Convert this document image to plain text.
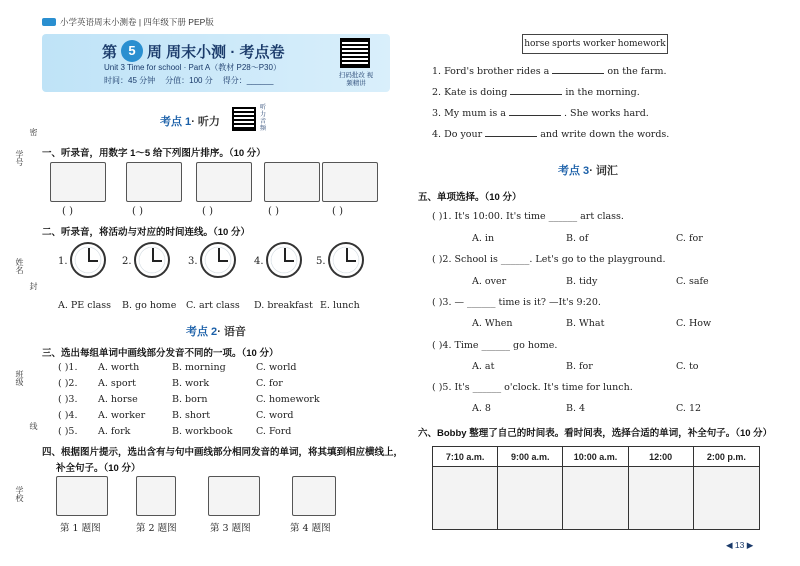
小学英语周末小测卷 | 四年级下册 PEP版
第 5 周 周末小测 · 考点卷
Unit 3 Time for school · Part A（教材 P28～P30）
时间：45 分钟 分值：100 分 得分：______
扫码批改 视频精讲
学号
姓名
班级
学校
密
封
线
考点 1· 听力
听力音频
一、听录音，用数字 1～5 给下列图片排序。（10 分）
( )	( )	( )	( )	( )
二、听录音，将活动与对应的时间连线。（10 分）
1.	2.	3.	4.	5.
A. PE class B. go home C. art class D. breakfast E. lunch
考点 2· 语音
三、选出每组单词中画线部分发音不同的一项。（10 分）
( )1. A. worth	B. morning	C. world
( )2. A. sport	B. work	C. for
( )3. A. horse	B. born	C. homework
( )4. A. worker	B. short	C. word
( )5. A. fork	B. workbook C. Ford
四、根据图片提示，选出含有与句中画线部分相同发音的单词，将其填到相应横线上，
补全句子。（10 分）
第 1 题图	第 2 题图	第 3 题图	第 4 题图
horse sports worker homework
1. Ford's brother rides a	on the farm.
2. Kate is doing	in the morning.
3. My mum is a	. She works hard.
4. Do your	and write down the words.
考点 3· 词汇
五、单项选择。（10 分）
( )1. It's 10:00. It's time ______ art class.
A. in	B. of	C. for
( )2. School is ______. Let's go to the playground.
A. over	B. tidy	C. safe
( )3. — ______ time is it? —It's 9:20.
A. When	B. What	C. How
( )4. Time ______ go home.
A. at	B. for	C. to
( )5. It's ______ o'clock. It's time for lunch.
A. 8	B. 4	C. 12
六、Bobby 整理了自己的时间表。看时间表，选择合适的单词，补全句子。（10 分）
7:10 a.m.	9:00 a.m.	10:00 a.m.	12:00	2:00 p.m.
◀ 13 ▶
